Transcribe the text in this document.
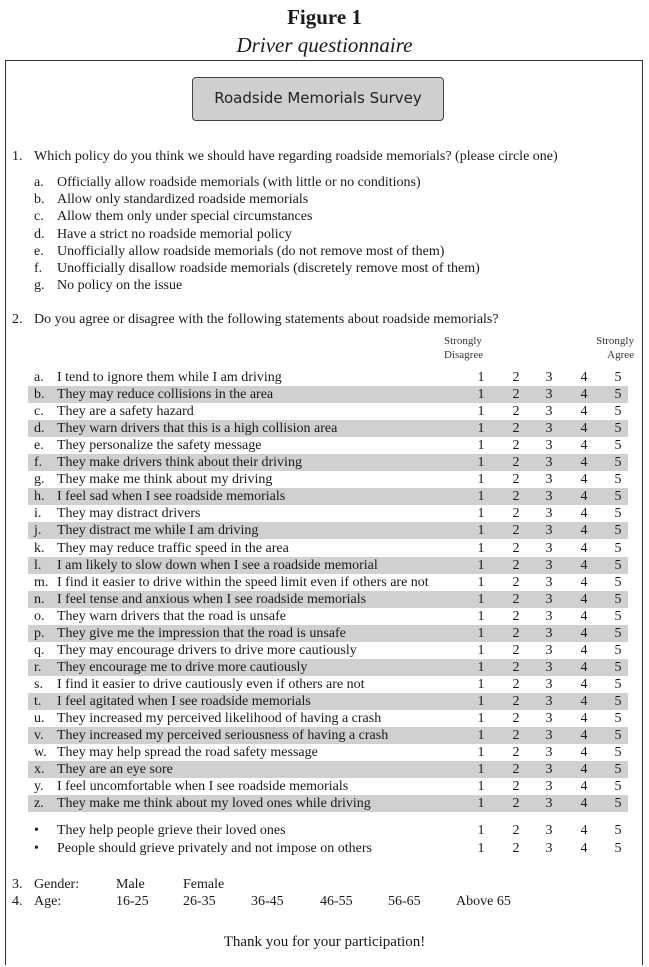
Figure 1
Driver questionnaire
Roadside Memorials Survey
1. Which policy do you think we should have regarding roadside memorials? (please circle one)
a. Officially allow roadside memorials (with little or no conditions)
b. Allow only standardized roadside memorials
c. Allow them only under special circumstances
d. Have a strict no roadside memorial policy
e. Unofficially allow roadside memorials (do not remove most of them)
f.	Unofficially disallow roadside memorials (discretely remove most of them)
g. No policy on the issue
2. Do you agree or disagree with the following statements about roadside memorials?
Strongly
Disagree
Strongly
Agree
a. I tend to ignore them while I am driving	1 2 3 4 5
b. They may reduce collisions in the area	1 2 3 4 5
c. They are a safety hazard	1 2 3 4 5
d. They warn drivers that this is a high collision area	1 2 3 4 5
e. They personalize the safety message	1 2 3 4 5
f. They make drivers think about their driving	1 2 3 4 5
g. They make me think about my driving	1 2 3 4 5
h. I feel sad when I see roadside memorials	1 2 3 4 5
i. They may distract drivers	1 2 3 4 5
j. They distract me while I am driving	1 2 3 4 5
k. They may reduce traffic speed in the area	1 2 3 4 5
l. I am likely to slow down when I see a roadside memorial	1 2 3 4 5
m. I find it easier to drive within the speed limit even if others are not	1 2 3 4 5
n. I feel tense and anxious when I see roadside memorials	1 2 3 4 5
o. They warn drivers that the road is unsafe	1 2 3 4 5
p. They give me the impression that the road is unsafe	1 2 3 4 5
q. They may encourage drivers to drive more cautiously	1 2 3 4 5
r. They encourage me to drive more cautiously	1 2 3 4 5
s. I find it easier to drive cautiously even if others are not	1 2 3 4 5
t. I feel agitated when I see roadside memorials	1 2 3 4 5
u. They increased my perceived likelihood of having a crash	1 2 3 4 5
v. They increased my perceived seriousness of having a crash	1 2 3 4 5
w. They may help spread the road safety message	1 2 3 4 5
x. They are an eye sore	1 2 3 4 5
y. I feel uncomfortable when I see roadside memorials	1 2 3 4 5
z. They make me think about my loved ones while driving	1 2 3 4 5
• They help people grieve their loved ones	1 2 3 4 5
• People should grieve privately and not impose on others	1 2 3 4 5
3. Gender:	Male	Female
4. Age:	16-25 26-35	36-45	46-55	56-65	Above 65
Thank you for your participation!
